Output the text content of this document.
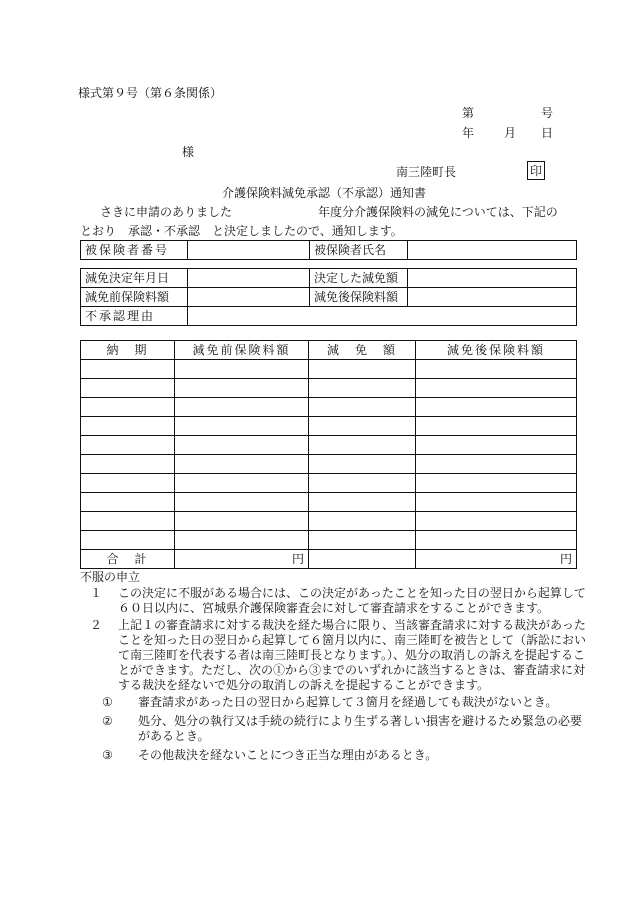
様式第９号（第６条関係）
第	号
年 月 日
様
南三陸町長	印
介護保険料減免承認（不承認）通知書
さきに申請のありました	年度分介護保険料の減免については、下記の
とおり　承認・不承認　と決定しましたので、通知します。
被保険者番号		被保険者氏名	
減免決定年月日		決定した減免額	
減免前保険料額		減免後保険料額	
不承認理由			
納　期	減免前保険料額	減　免　額	減免後保険料額

合　計	円		円
不服の申立
１ この決定に不服がある場合には、この決定があったことを知った日の翌日から起算して６０日以内に、宮城県介護保険審査会に対して審査請求をすることができます。
２ 上記１の審査請求に対する裁決を経た場合に限り、当該審査請求に対する裁決があったことを知った日の翌日から起算して６箇月以内に、南三陸町を被告として（訴訟において南三陸町を代表する者は南三陸町長となります。）、処分の取消しの訴えを提起することができます。ただし、次の①から③までのいずれかに該当するときは、審査請求に対する裁決を経ないで処分の取消しの訴えを提起することができます。
① 審査請求があった日の翌日から起算して３箇月を経過しても裁決がないとき。
② 処分、処分の執行又は手続の続行により生ずる著しい損害を避けるため緊急の必要があるとき。
③ その他裁決を経ないことにつき正当な理由があるとき。
